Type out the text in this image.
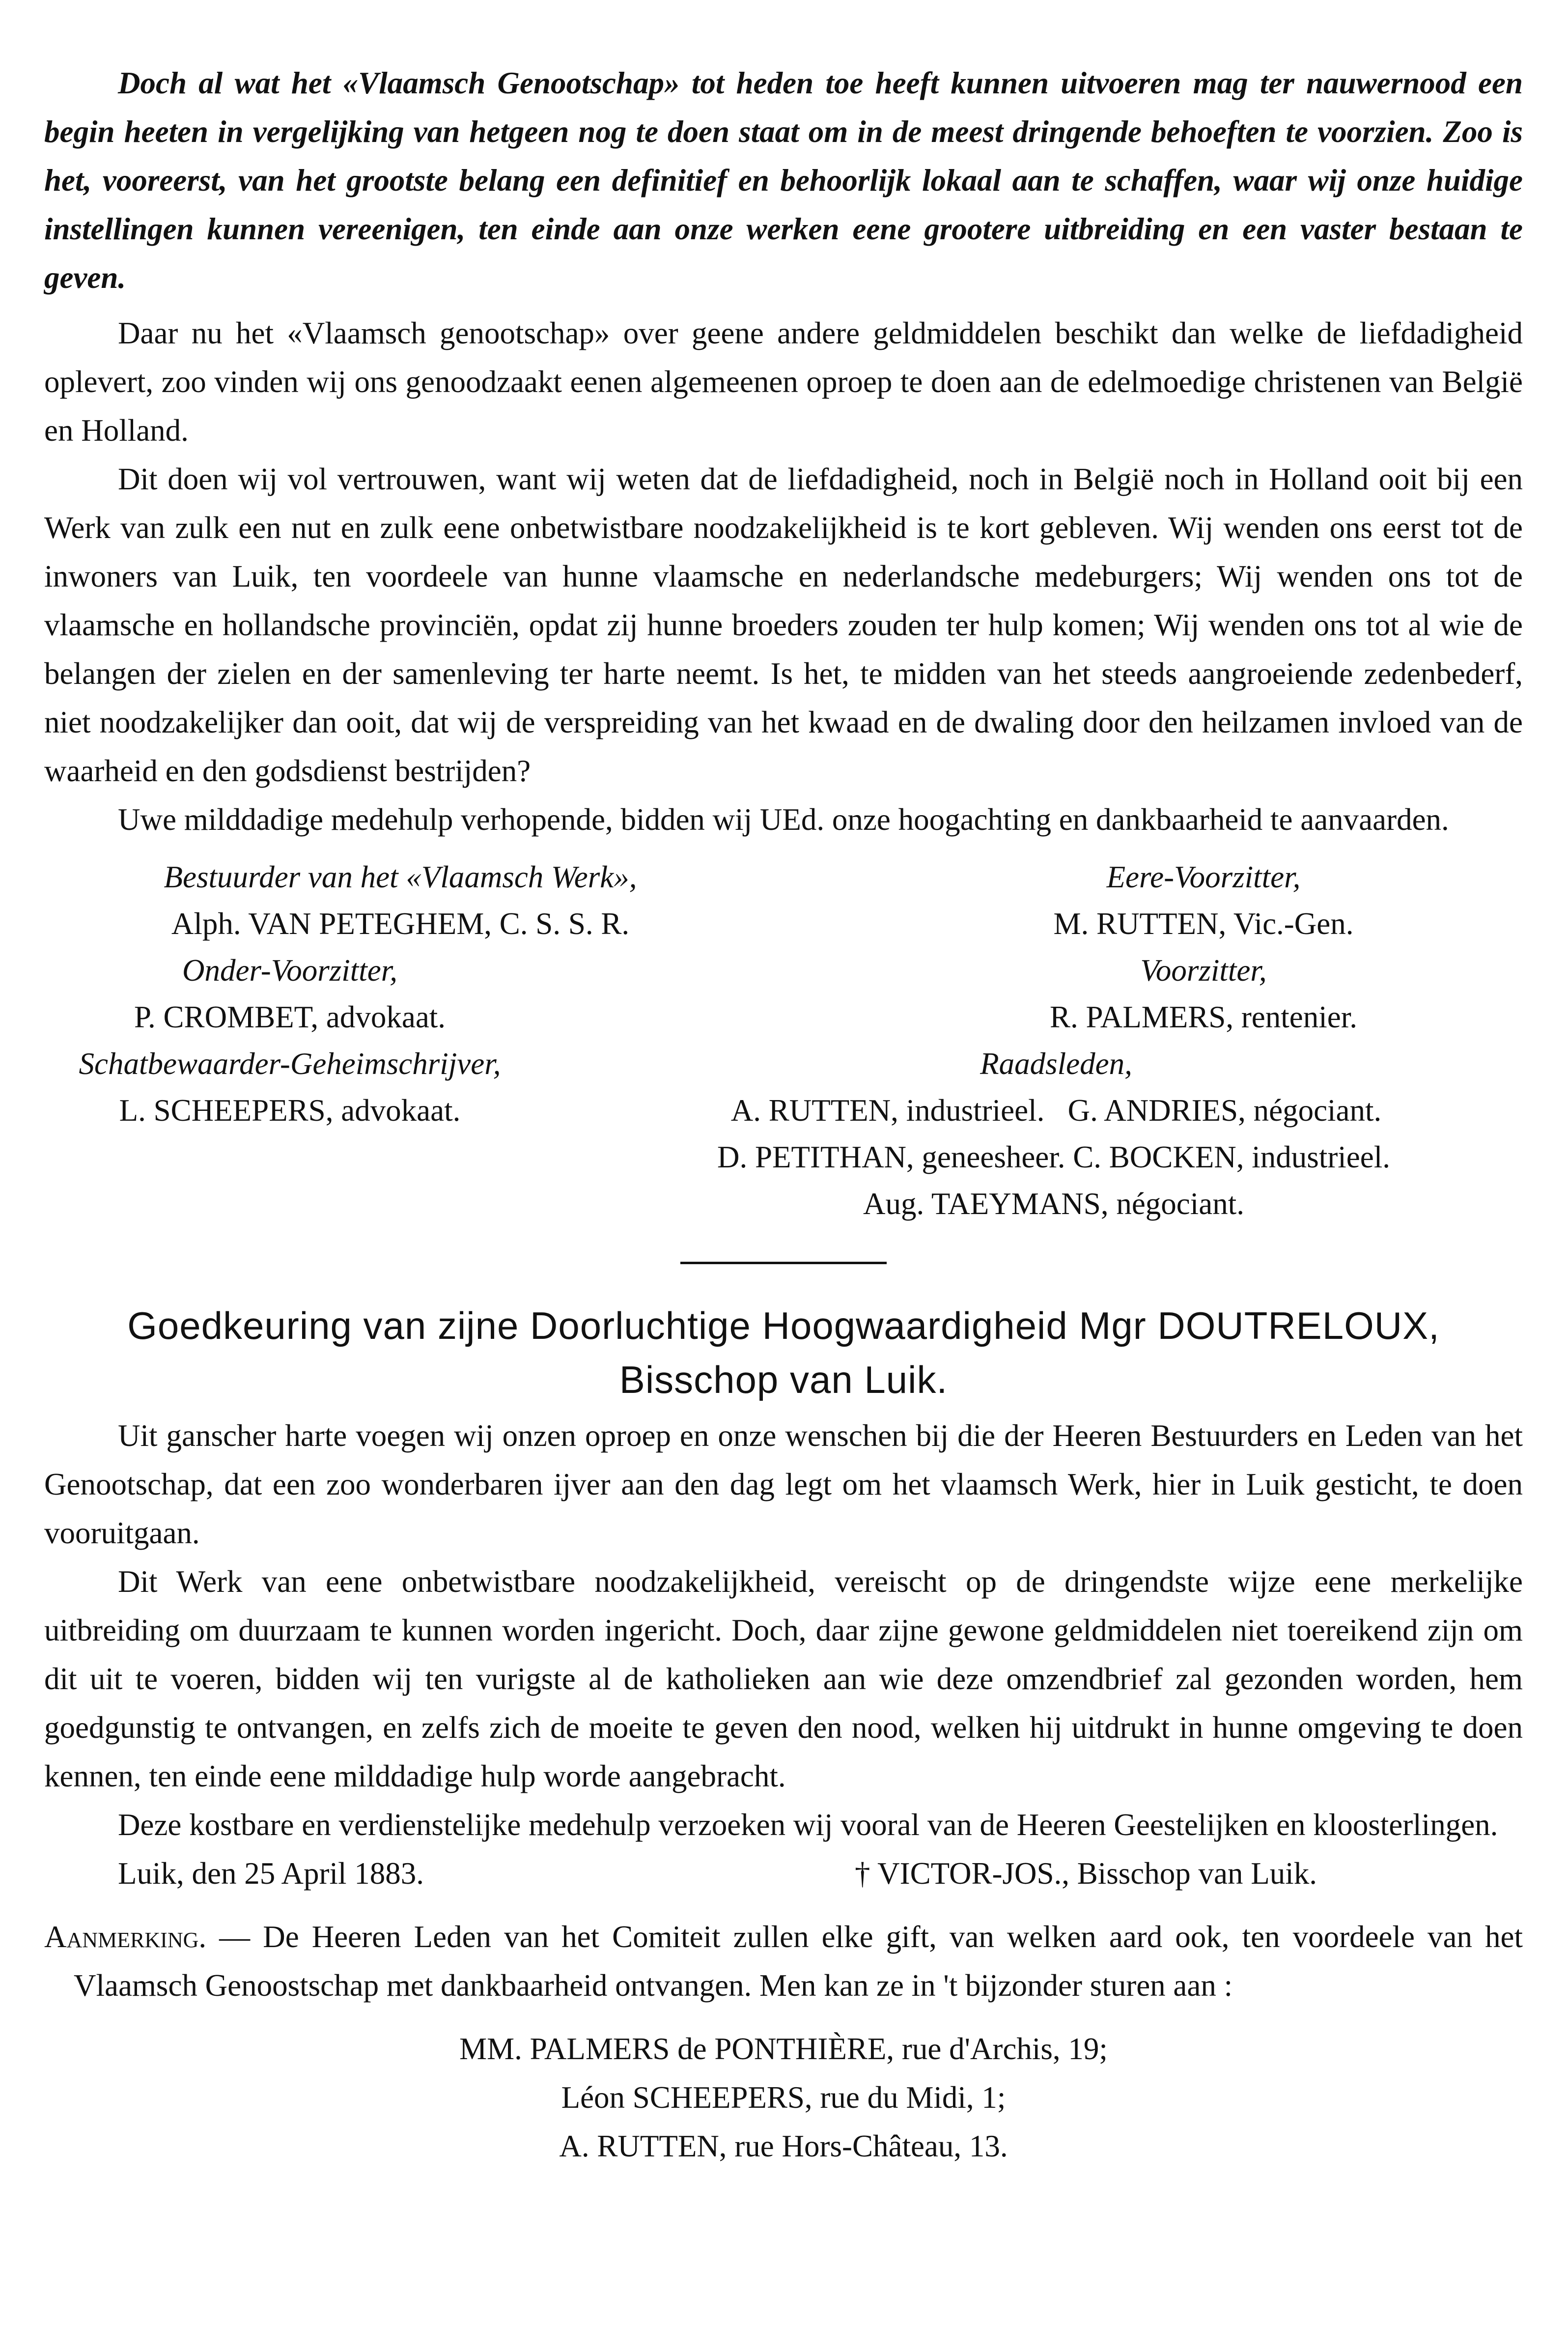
Doch al wat het «Vlaamsch Genootschap» tot heden toe heeft kunnen uitvoeren mag ter nauwernood een begin heeten in vergelijking van hetgeen nog te doen staat om in de meest dringende behoeften te voorzien. Zoo is het, vooreerst, van het grootste belang een definitief en behoorlijk lokaal aan te schaffen, waar wij onze huidige instellingen kunnen vereenigen, ten einde aan onze werken eene grootere uitbreiding en een vaster bestaan te geven.

Daar nu het «Vlaamsch genootschap» over geene andere geldmiddelen beschikt dan welke de liefdadigheid oplevert, zoo vinden wij ons genoodzaakt eenen algemeenen oproep te doen aan de edelmoedige christenen van België en Holland.

Dit doen wij vol vertrouwen, want wij weten dat de liefdadigheid, noch in België noch in Holland ooit bij een Werk van zulk een nut en zulk eene onbetwistbare noodzakelijkheid is te kort gebleven. Wij wenden ons eerst tot de inwoners van Luik, ten voordeele van hunne vlaamsche en nederlandsche medeburgers; Wij wenden ons tot de vlaamsche en hollandsche provinciën, opdat zij hunne broeders zouden ter hulp komen; Wij wenden ons tot al wie de belangen der zielen en der samenleving ter harte neemt. Is het, te midden van het steeds aangroeiende zedenbederf, niet noodzakelijker dan ooit, dat wij de verspreiding van het kwaad en de dwaling door den heilzamen invloed van de waarheid en den godsdienst bestrijden?

Uwe milddadige medehulp verhopende, bidden wij UEd. onze hoogachting en dankbaarheid te aanvaarden.

Bestuurder van het «Vlaamsch Werk»,
Alph. VAN PETEGHEM, C. S. S. R.
Eere-Voorzitter,
M. RUTTEN, Vic.-Gen.
Onder-Voorzitter,
P. CROMBET, advokaat.
Voorzitter,
R. PALMERS, rentenier.
Schatbewaarder-Geheimschrijver,
L. SCHEEPERS, advokaat.
Raadsleden,
A. RUTTEN, industrieel.   G. ANDRIES, négociant.
D. PETITHAN, geneesheer. C. BOCKEN, industrieel.
Aug. TAEYMANS, négociant.
Goedkeuring van zijne Doorluchtige Hoogwaardigheid Mgr DOUTRELOUX, Bisschop van Luik.

Uit ganscher harte voegen wij onzen oproep en onze wenschen bij die der Heeren Bestuurders en Leden van het Genootschap, dat een zoo wonderbaren ijver aan den dag legt om het vlaamsch Werk, hier in Luik gesticht, te doen vooruitgaan.

Dit Werk van eene onbetwistbare noodzakelijkheid, vereischt op de dringendste wijze eene merkelijke uitbreiding om duurzaam te kunnen worden ingericht. Doch, daar zijne gewone geldmiddelen niet toereikend zijn om dit uit te voeren, bidden wij ten vurigste al de katholieken aan wie deze omzendbrief zal gezonden worden, hem goedgunstig te ontvangen, en zelfs zich de moeite te geven den nood, welken hij uitdrukt in hunne omgeving te doen kennen, ten einde eene milddadige hulp worde aangebracht.

Deze kostbare en verdienstelijke medehulp verzoeken wij vooral van de Heeren Geestelijken en kloosterlingen.

Luik, den 25 April 1883.	† VICTOR-JOS., Bisschop van Luik.

Aanmerking. — De Heeren Leden van het Comiteit zullen elke gift, van welken aard ook, ten voordeele van het Vlaamsch Genoostschap met dankbaarheid ontvangen. Men kan ze in 't bijzonder sturen aan :

MM. PALMERS de PONTHIÈRE, rue d'Archis, 19;
Léon SCHEEPERS, rue du Midi, 1;
A. RUTTEN, rue Hors-Château, 13.
